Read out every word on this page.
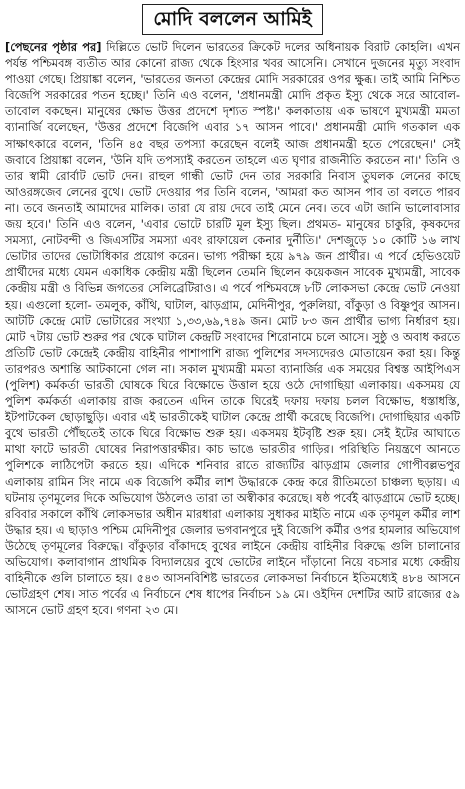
মোদি বললেন আমিই

[পেছনের পৃষ্ঠার পর] দিল্লিতে ভোট দিলেন ভারতের ক্রিকেট দলের অধিনায়ক বিরাট কোহলি। এখন পর্যন্ত পশ্চিমবঙ্গ ব্যতীত আর কোনো রাজ্য থেকে হিংসার খবর আসেনি। সেখানে দুজনের মৃত্যু সংবাদ পাওয়া গেছে। প্রিয়াঙ্কা বলেন, 'ভারতের জনতা কেন্দ্রের মোদি সরকারের ওপর ক্ষুব্ধ। তাই আমি নিশ্চিত বিজেপি সরকারের পতন হচ্ছে।' তিনি এও বলেন, 'প্রধানমন্ত্রী মোদি প্রকৃত ইস্যু থেকে সরে আবোল-তাবোল বকছেন। মানুষের ক্ষোভ উত্তর প্রদেশে দৃশ্যত স্পষ্ট।' কলকাতায় এক ভাষণে মুখ্যমন্ত্রী মমতা ব্যানার্জি বলেছেন, 'উত্তর প্রদেশে বিজেপি এবার ১৭ আসন পাবে।' প্রধানমন্ত্রী মোদি গতকাল এক সাক্ষাৎকারে বলেন, 'তিনি ৪৫ বছর তপস্যা করেছেন বলেই আজ প্রধানমন্ত্রী হতে পেরেছেন।' সেই জবাবে প্রিয়াঙ্কা বলেন, 'উনি যদি তপস্যাই করতেন তাহলে এত ঘৃণার রাজনীতি করতেন না।' তিনি ও তার স্বামী রোর্বাট ভোট দেন। রাহুল গান্ধী ভোট দেন তার সরকারি নিবাস তুঘলক লেনের কাছে আওরঙ্গজেব লেনের বুথে। ভোট দেওয়ার পর তিনি বলেন, 'আমরা কত আসন পাব তা বলতে পারব না। তবে জনতাই আমাদের মালিক। তারা যে রায় দেবে তাই মেনে নেব। তবে এটা জানি ভালোবাসার জয় হবে।' তিনি এও বলেন, 'এবার ভোটে চারটি মূল ইস্যু ছিল। প্রথমত- মানুষের চাকুরি, কৃষকদের সমস্যা, নোটবন্দী ও জিএসটির সমস্যা এবং রাফায়েল কেনার দুর্নীতি।' দেশজুড়ে ১০ কোটি ১৬ লাখ ভোটার তাদের ভোটাধিকার প্রয়োগ করেন। ভাগ্য পরীক্ষা হয়ে ৯৭৯ জন প্রার্থীর। এ পর্বে হেভিওয়েট প্রার্থীদের মধ্যে যেমন একাধিক কেন্দ্রীয় মন্ত্রী ছিলেন তেমনি ছিলেন কয়েকজন সাবেক মুখ্যমন্ত্রী, সাবেক কেন্দ্রীয় মন্ত্রী ও বিভিন্ন জগতের সেলিব্রেটিরাও। এ পর্বে পশ্চিমবঙ্গে ৮টি লোকসভা কেন্দ্রে ভোট নেওয়া হয়। এগুলো হলো- তমলুক, কাঁথি, ঘাটাল, ঝাড়গ্রাম, মেদিনীপুর, পুরুলিয়া, বাঁকুড়া ও বিষ্ণুপুর আসন। আটটি কেন্দ্রে মোট ভোটারের সংখ্যা ১,৩৩,৬৯,৭৪৯ জন। মোট ৮৩ জন প্রার্থীর ভাগ্য নির্ধারণ হয়। মোট ৭টায় ভোট শুরুর পর থেকে ঘাটাল কেন্দ্রটি সংবাদের শিরোনামে চলে আসে। সুষ্ঠু ও অবাধ করতে প্রতিটি ভোট কেন্দ্রেই কেন্দ্রীয় বাহিনীর পাশাপাশি রাজ্য পুলিশের সদস্যদেরও মোতায়েন করা হয়। কিন্তু তারপরও অশান্তি আটকানো গেল না। সকাল মুখ্যমন্ত্রী মমতা ব্যানার্জির এক সময়ের বিশ্বস্ত আইপিএস (পুলিশ) কর্মকর্তা ভারতী ঘোষকে ঘিরে বিক্ষোভে উত্তাল হয়ে ওঠে দোগাছিয়া এলাকায়। একসময় যে পুলিশ কর্মকর্তা এলাকায় রাজ করতেন এদিন তাকে ঘিরেই দফায় দফায় চলল বিক্ষোভ, ধস্তাধস্তি, ইটপাটকেল ছোড়াছুড়ি। এবার এই ভারতীকেই ঘাটাল কেন্দ্রে প্রার্থী করেছে বিজেপি। দোগাছিয়ার একটি বুথে ভারতী পৌঁছতেই তাকে ঘিরে বিক্ষোভ শুরু হয়। একসময় ইটবৃষ্টি শুরু হয়। সেই ইটের আঘাতে মাথা ফাটে ভারতী ঘোষের নিরাপত্তারক্ষীর। কাচ ভাঙে ভারতীর গাড়ির। পরিস্থিতি নিয়ন্ত্রণে আনতে পুলিশকে লাঠিপেটা করতে হয়। এদিকে শনিবার রাতে রাজ্যটির ঝাড়গ্রাম জেলার গোপীবল্লভপুর এলাকায় রামিন সিং নামে এক বিজেপি কর্মীর লাশ উদ্ধারকে কেন্দ্র করে রীতিমতো চাঞ্চল্য ছড়ায়। এ ঘটনায় তৃণমূলের দিকে অভিযোগ উঠলেও তারা তা অস্বীকার করেছে। ষষ্ঠ পর্বেই ঝাড়গ্রামে ভোট হচ্ছে। রবিবার সকালে কাঁথি লোকসভার অধীন মারধারা এলাকায় সুধাকর মাইতি নামে এক তৃণমূল কর্মীর লাশ উদ্ধার হয়। এ ছাড়াও পশ্চিম মেদিনীপুর জেলার ভগবানপুরে দুই বিজেপি কর্মীর ওপর হামলার অভিযোগ উঠেছে তৃণমূলের বিরুদ্ধে। বাঁকুড়ার বাঁকাদহে বুথের লাইনে কেন্দ্রীয় বাহিনীর বিরুদ্ধে গুলি চালানোর অভিযোগ। কলাবাগান প্রাথমিক বিদ্যালয়ের বুথে ভোটের লাইনে দাঁড়ানো নিয়ে বচসার মধ্যে কেন্দ্রীয় বাহিনীকে গুলি চালাতে হয়। ৫৪৩ আসনবিশিষ্ট ভারতের লোকসভা নির্বাচনে ইতিমধ্যেই ৪৮৪ আসনে ভোটগ্রহণ শেষ। সাত পর্বের এ নির্বাচনে শেষ ধাপের নির্বাচন ১৯ মে। ওইদিন দেশটির আট রাজ্যের ৫৯ আসনে ভোট গ্রহণ হবে। গণনা ২৩ মে।
